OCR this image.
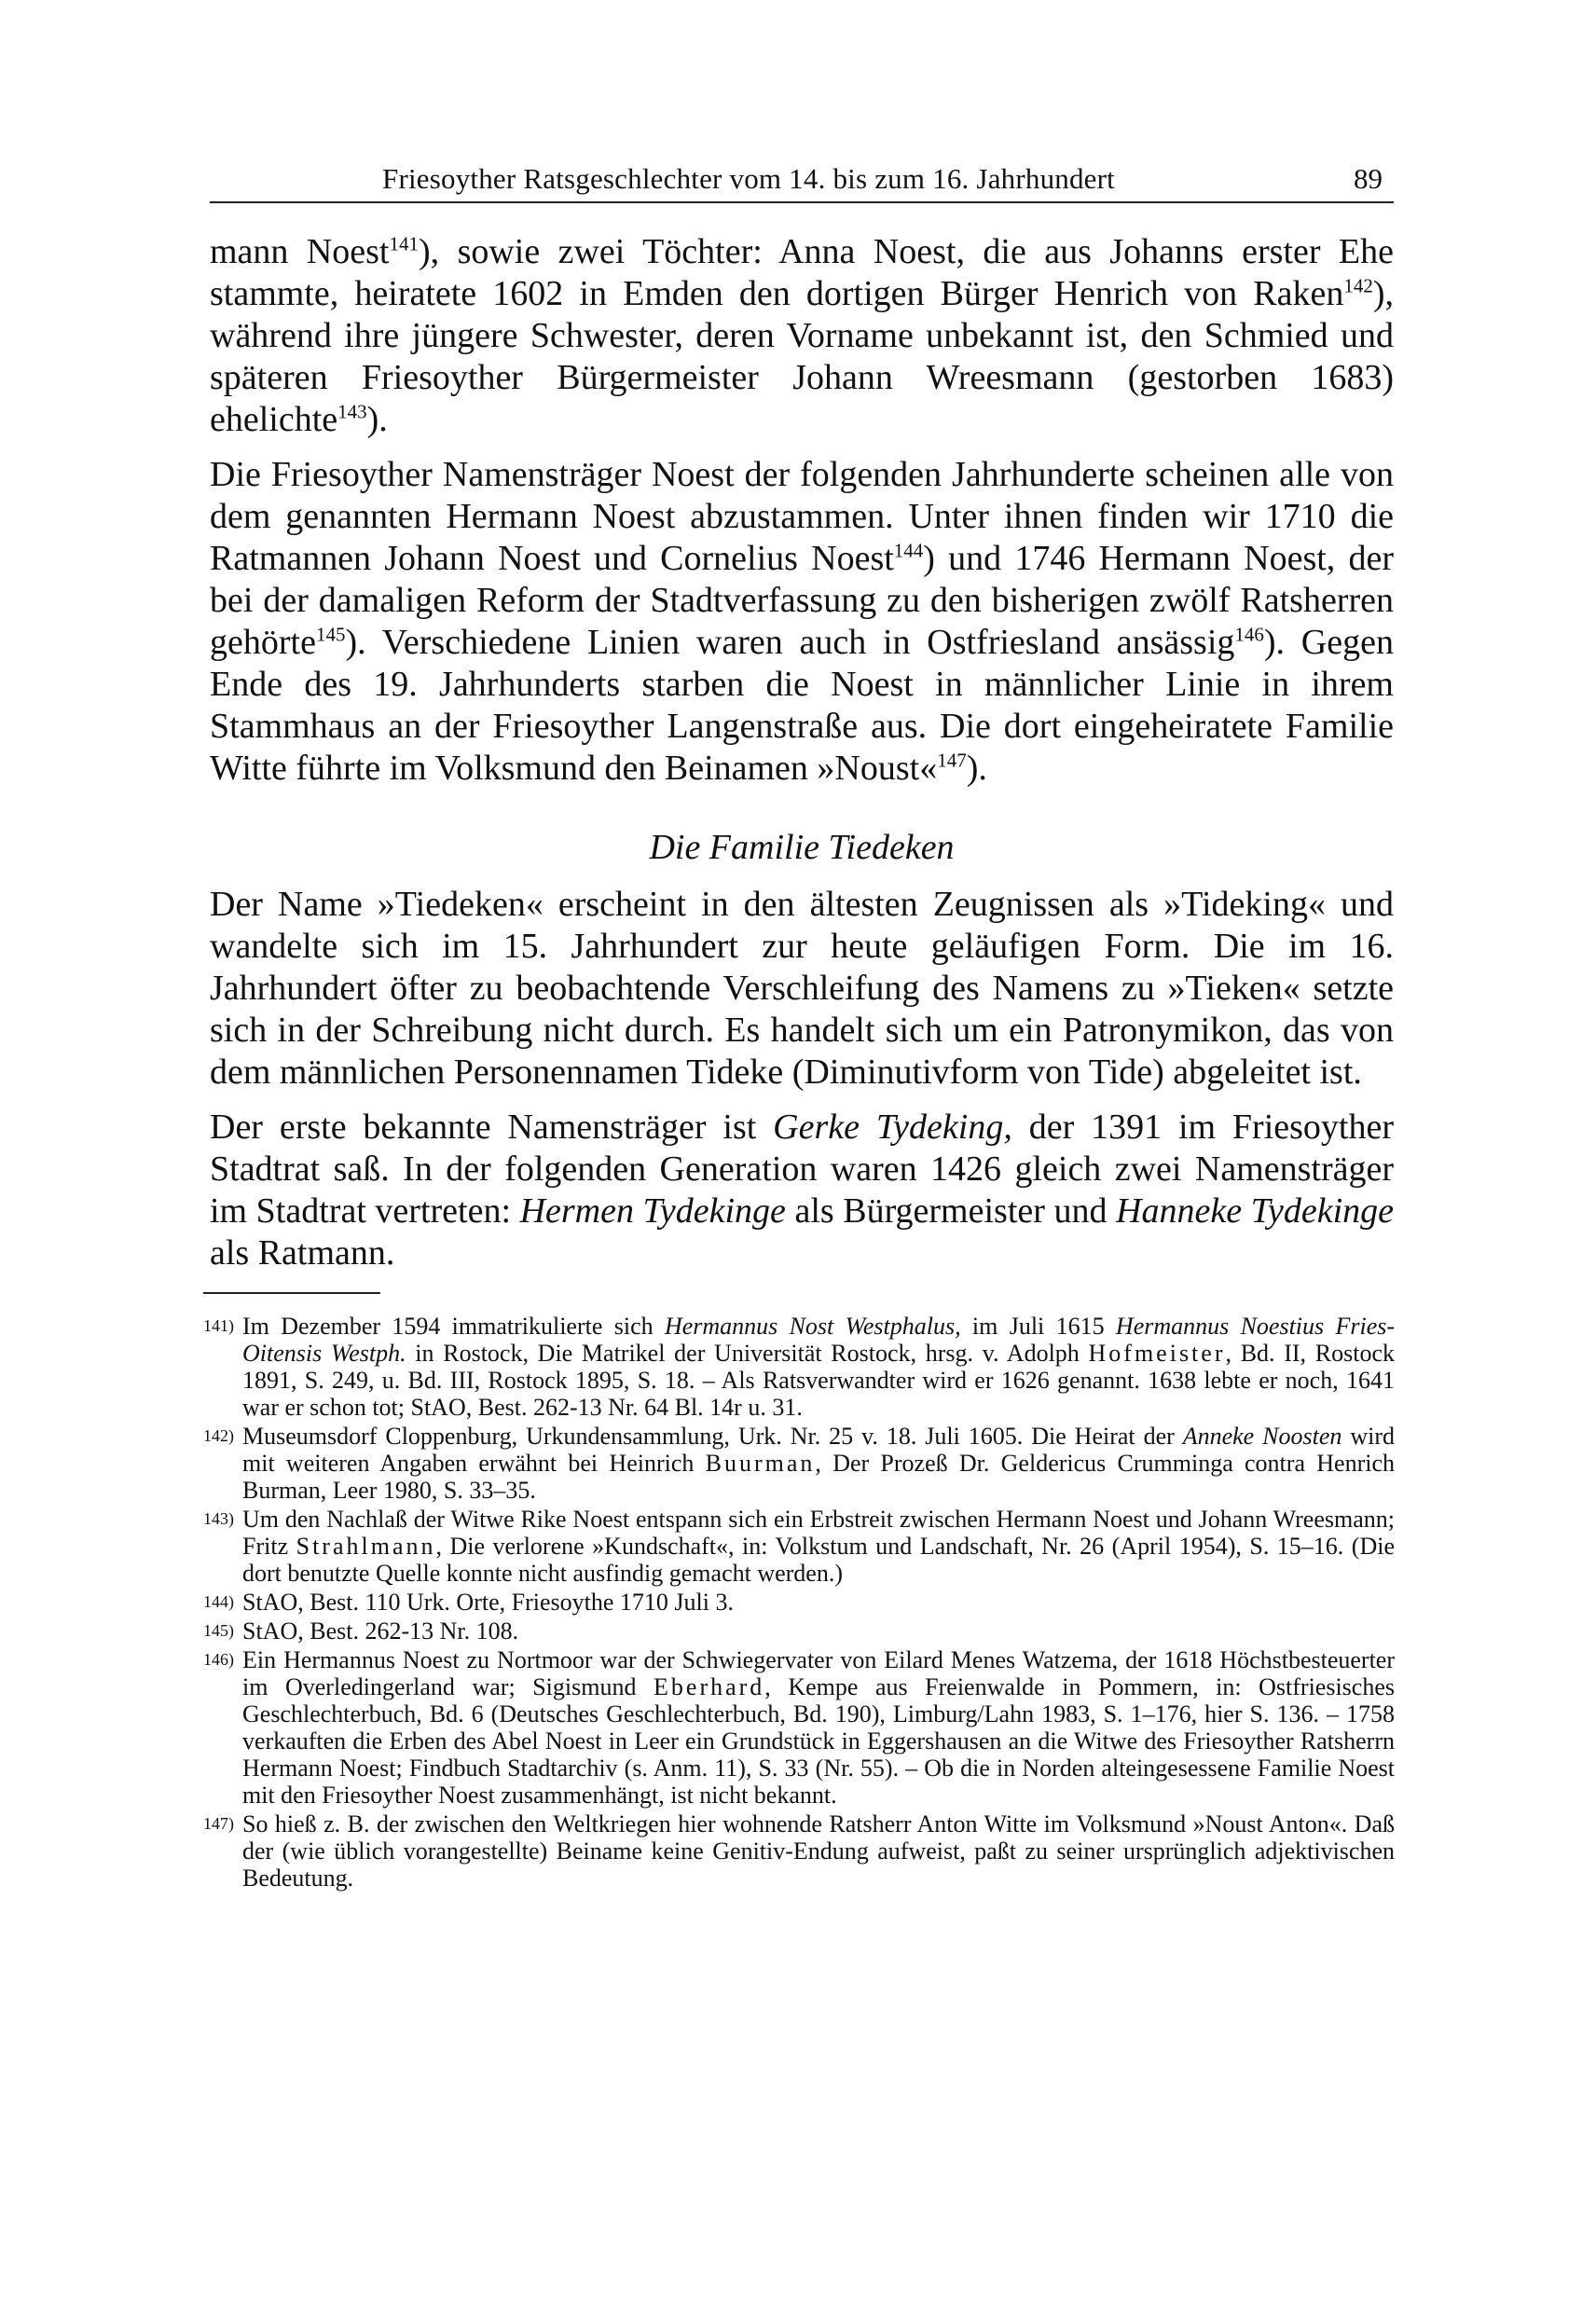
Friesoyther Ratsgeschlechter vom 14. bis zum 16. Jahrhundert	89

mann Noest$^{141}$), sowie zwei Töchter: Anna Noest, die aus Johanns erster Ehe stammte, heiratete 1602 in Emden den dortigen Bürger Henrich von Raken$^{142}$), während ihre jüngere Schwester, deren Vorname unbekannt ist, den Schmied und späteren Friesoyther Bürgermeister Johann Wreesmann (gestorben 1683) ehelichte$^{143}$).

Die Friesoyther Namensträger Noest der folgenden Jahrhunderte scheinen alle von dem genannten Hermann Noest abzustammen. Unter ihnen finden wir 1710 die Ratmannen Johann Noest und Cornelius Noest$^{144}$) und 1746 Hermann Noest, der bei der damaligen Reform der Stadtverfassung zu den bisherigen zwölf Ratsherren gehörte$^{145}$). Verschiedene Linien waren auch in Ostfriesland ansässig$^{146}$). Gegen Ende des 19. Jahrhunderts starben die Noest in männlicher Linie in ihrem Stammhaus an der Friesoyther Langenstraße aus. Die dort eingeheiratete Familie Witte führte im Volksmund den Beinamen »Noust«$^{147}$).

Die Familie Tiedeken

Der Name »Tiedeken« erscheint in den ältesten Zeugnissen als »Tideking« und wandelte sich im 15. Jahrhundert zur heute geläufigen Form. Die im 16. Jahrhundert öfter zu beobachtende Verschleifung des Namens zu »Tieken« setzte sich in der Schreibung nicht durch. Es handelt sich um ein Patronymikon, das von dem männlichen Personennamen Tideke (Diminutivform von Tide) abgeleitet ist.

Der erste bekannte Namensträger ist Gerke Tydeking, der 1391 im Friesoyther Stadtrat saß. In der folgenden Generation waren 1426 gleich zwei Namensträger im Stadtrat vertreten: Hermen Tydekinge als Bürgermeister und Hanneke Tydekinge als Ratmann.

141) Im Dezember 1594 immatrikulierte sich Hermannus Nost Westphalus, im Juli 1615 Hermannus Noestius Fries-Oitensis Westph. in Rostock, Die Matrikel der Universität Rostock, hrsg. v. Adolph Hofmeister, Bd. II, Rostock 1891, S. 249, u. Bd. III, Rostock 1895, S. 18. – Als Ratsverwandter wird er 1626 genannt. 1638 lebte er noch, 1641 war er schon tot; StAO, Best. 262-13 Nr. 64 Bl. 14r u. 31.
142) Museumsdorf Cloppenburg, Urkundensammlung, Urk. Nr. 25 v. 18. Juli 1605. Die Heirat der Anneke Noosten wird mit weiteren Angaben erwähnt bei Heinrich Buurman, Der Prozeß Dr. Geldericus Crumminga contra Henrich Burman, Leer 1980, S. 33–35.
143) Um den Nachlaß der Witwe Rike Noest entspann sich ein Erbstreit zwischen Hermann Noest und Johann Wreesmann; Fritz Strahlmann, Die verlorene »Kundschaft«, in: Volkstum und Landschaft, Nr. 26 (April 1954), S. 15–16. (Die dort benutzte Quelle konnte nicht ausfindig gemacht werden.)
144) StAO, Best. 110 Urk. Orte, Friesoythe 1710 Juli 3.
145) StAO, Best. 262-13 Nr. 108.
146) Ein Hermannus Noest zu Nortmoor war der Schwiegervater von Eilard Menes Watzema, der 1618 Höchstbesteuerter im Overledingerland war; Sigismund Eberhard, Kempe aus Freienwalde in Pommern, in: Ostfriesisches Geschlechterbuch, Bd. 6 (Deutsches Geschlechterbuch, Bd. 190), Limburg/Lahn 1983, S. 1–176, hier S. 136. – 1758 verkauften die Erben des Abel Noest in Leer ein Grundstück in Eggershausen an die Witwe des Friesoyther Ratsherrn Hermann Noest; Findbuch Stadtarchiv (s. Anm. 11), S. 33 (Nr. 55). – Ob die in Norden alteingesessene Familie Noest mit den Friesoyther Noest zusammenhängt, ist nicht bekannt.
147) So hieß z. B. der zwischen den Weltkriegen hier wohnende Ratsherr Anton Witte im Volksmund »Noust Anton«. Daß der (wie üblich vorangestellte) Beiname keine Genitiv-Endung aufweist, paßt zu seiner ursprünglich adjektivischen Bedeutung.
